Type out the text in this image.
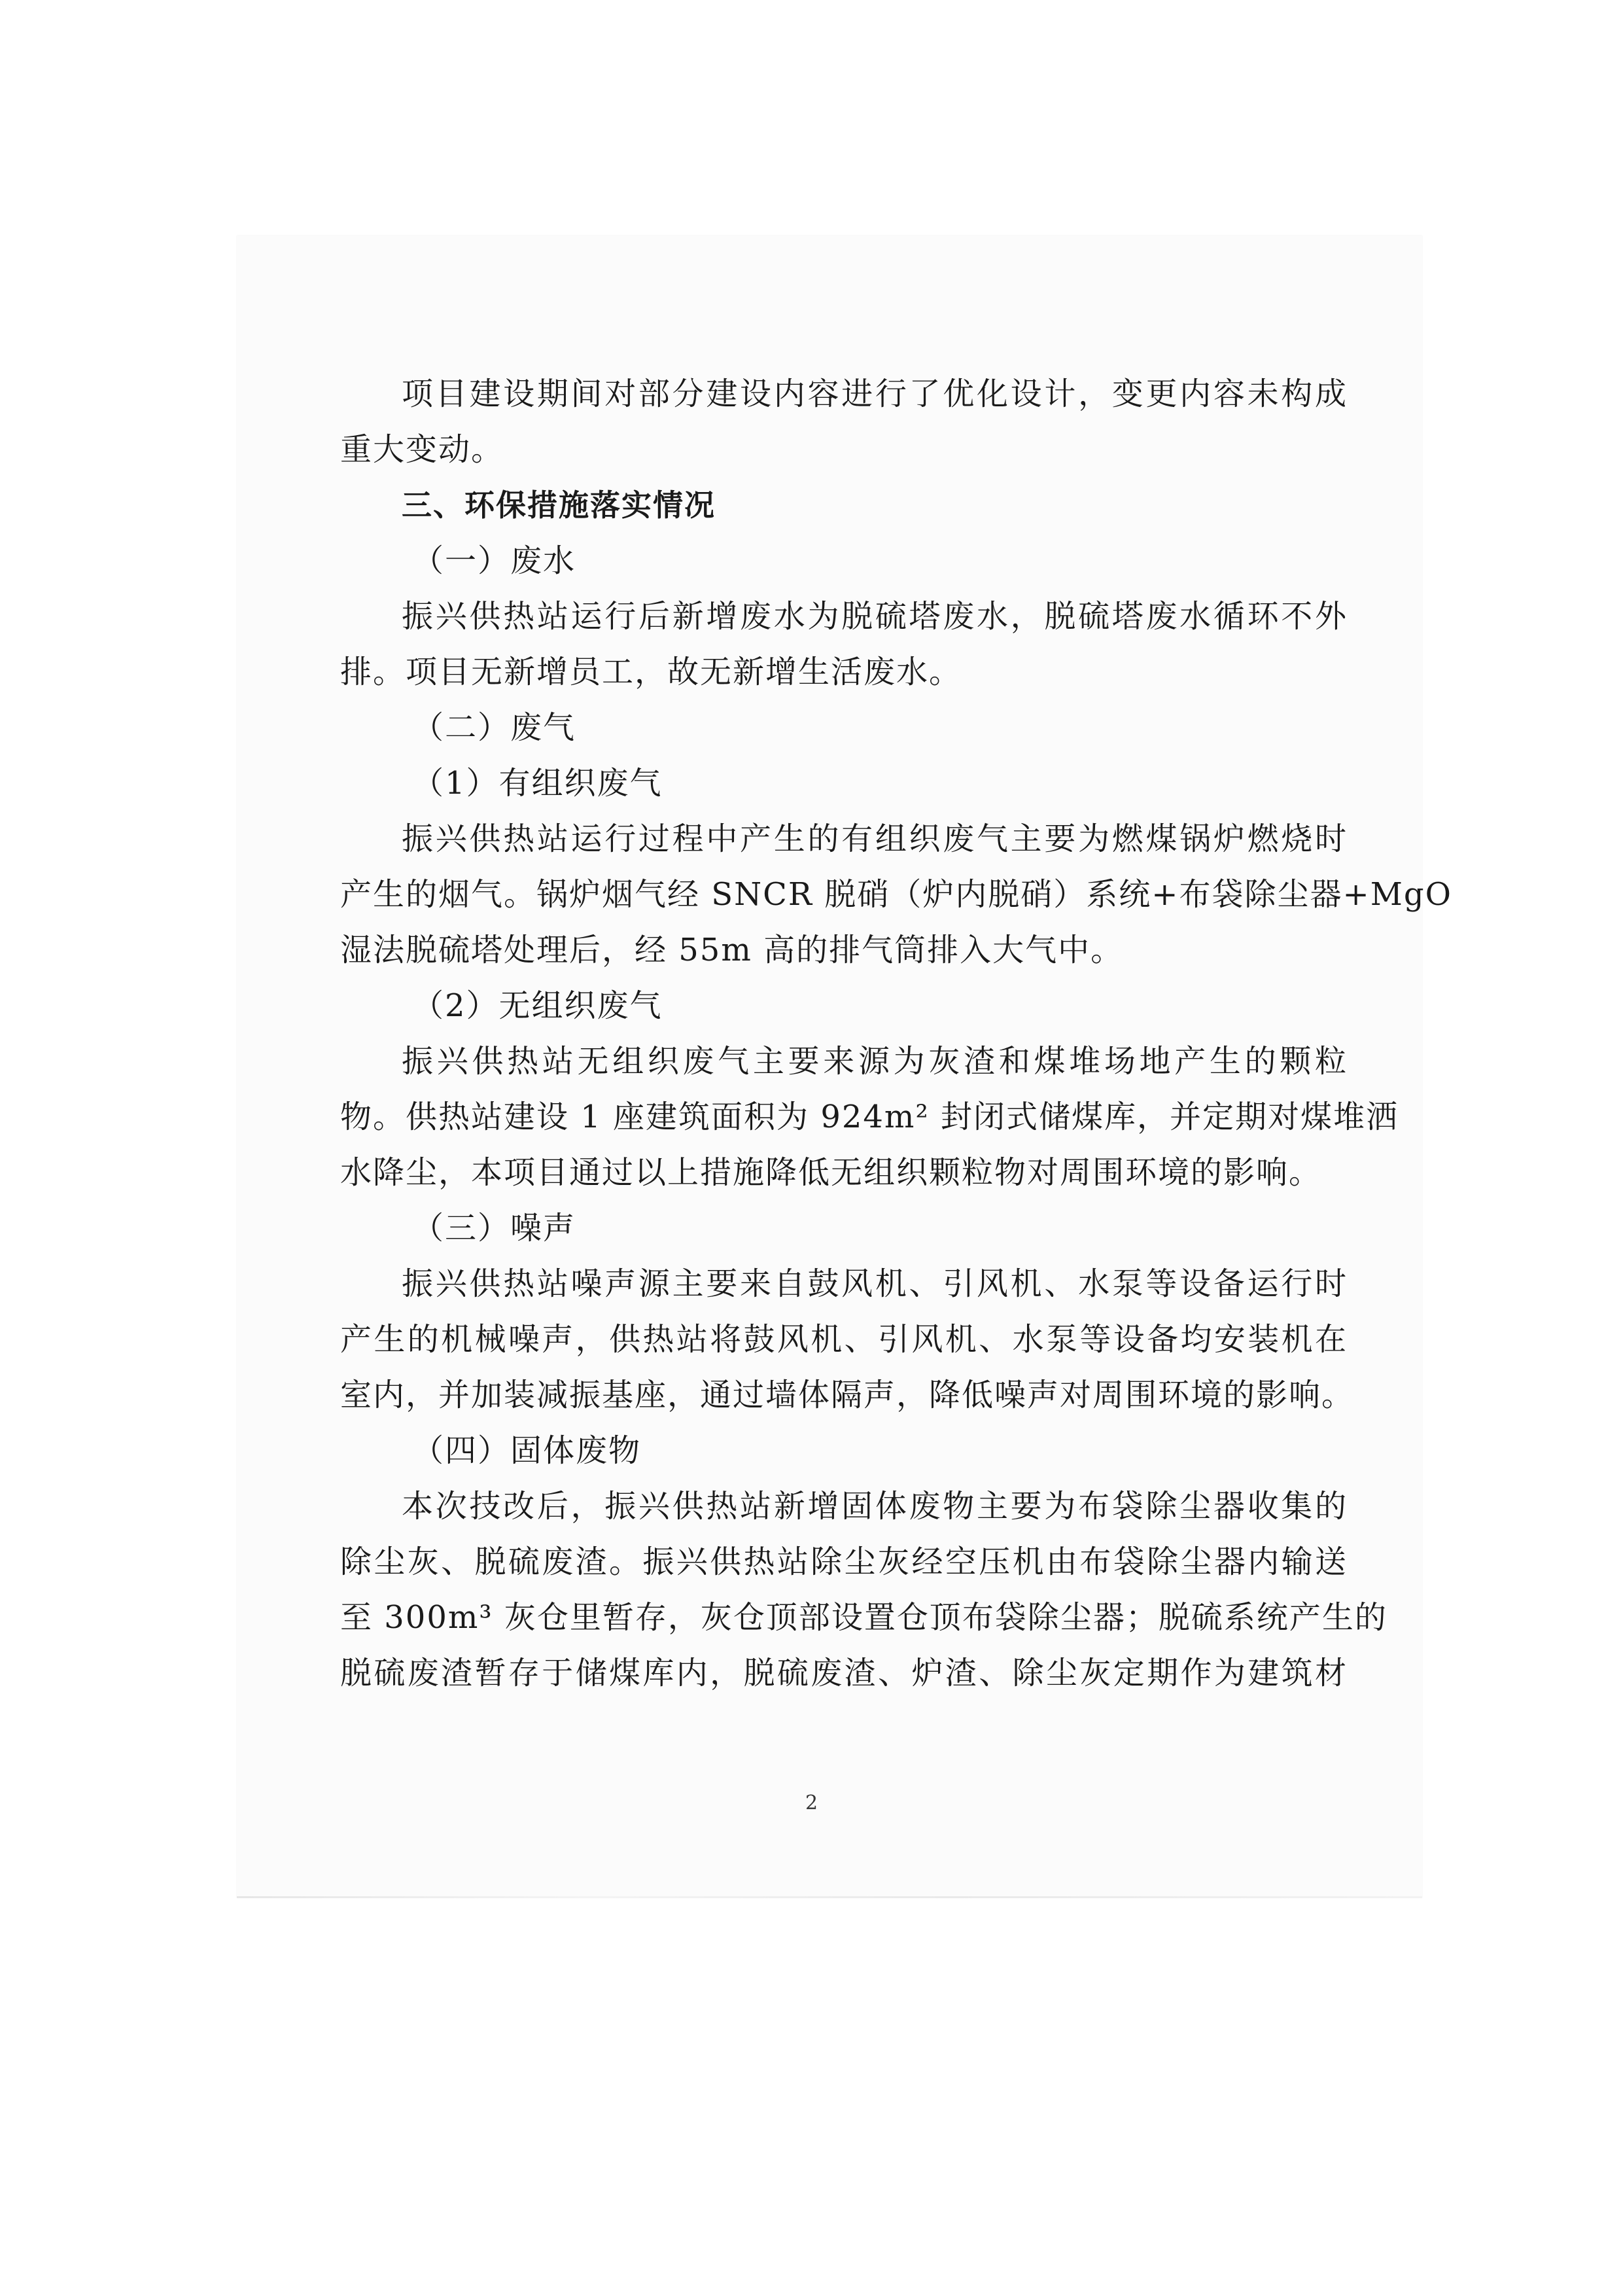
项目建设期间对部分建设内容进行了优化设计，变更内容未构成
重大变动。
三、环保措施落实情况
（一）废水
振兴供热站运行后新增废水为脱硫塔废水，脱硫塔废水循环不外
排。项目无新增员工，故无新增生活废水。
（二）废气
（1）有组织废气
振兴供热站运行过程中产生的有组织废气主要为燃煤锅炉燃烧时
产生的烟气。锅炉烟气经 SNCR 脱硝（炉内脱硝）系统+布袋除尘器+MgO
湿法脱硫塔处理后，经 55m 高的排气筒排入大气中。
（2）无组织废气
振兴供热站无组织废气主要来源为灰渣和煤堆场地产生的颗粒
物。供热站建设 1 座建筑面积为 924m² 封闭式储煤库，并定期对煤堆洒
水降尘，本项目通过以上措施降低无组织颗粒物对周围环境的影响。
（三）噪声
振兴供热站噪声源主要来自鼓风机、引风机、水泵等设备运行时
产生的机械噪声，供热站将鼓风机、引风机、水泵等设备均安装机在
室内，并加装减振基座，通过墙体隔声，降低噪声对周围环境的影响。
（四）固体废物
本次技改后，振兴供热站新增固体废物主要为布袋除尘器收集的
除尘灰、脱硫废渣。振兴供热站除尘灰经空压机由布袋除尘器内输送
至 300m³ 灰仓里暂存，灰仓顶部设置仓顶布袋除尘器；脱硫系统产生的
脱硫废渣暂存于储煤库内，脱硫废渣、炉渣、除尘灰定期作为建筑材
2
